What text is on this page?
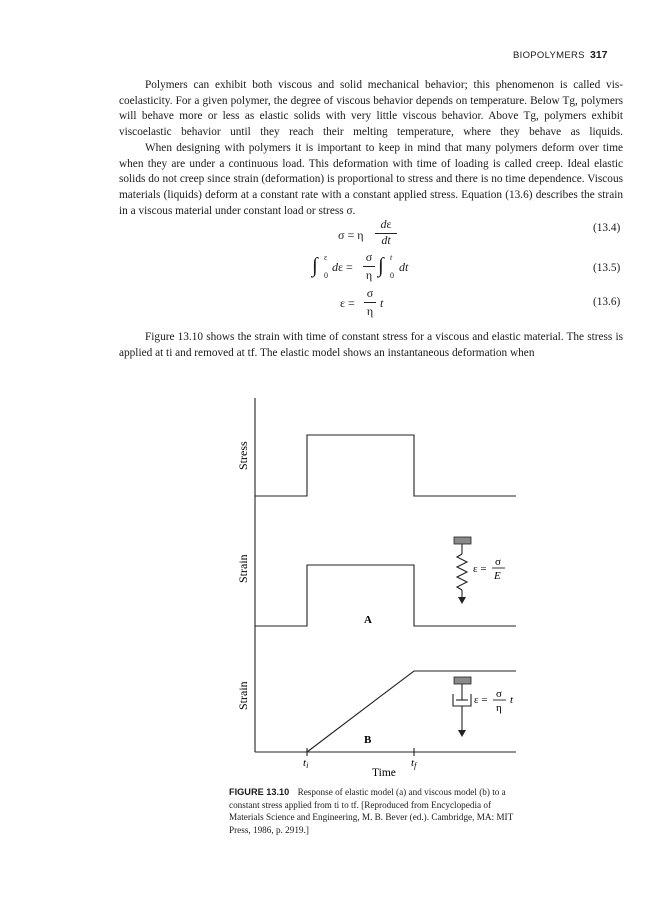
BIOPOLYMERS 317

Polymers can exhibit both viscous and solid mechanical behavior; this phenomenon is called vis-coelasticity. For a given polymer, the degree of viscous behavior depends on temperature. Below Tg, polymers will behave more or less as elastic solids with very little viscous behavior. Above Tg, polymers exhibit viscoelastic behavior until they reach their melting temperature, where they behave as liquids.

When designing with polymers it is important to keep in mind that many polymers deform over time when they are under a continuous load. This deformation with time of loading is called creep. Ideal elastic solids do not creep since strain (deformation) is proportional to stress and there is no time dependence. Viscous materials (liquids) deform at a constant rate with a constant applied stress. Equation (13.6) describes the strain in a viscous material under constant load or stress σ.

σ = η
dε
dt
(13.4)
∫ ε
0
dε =
σ
η ∫ t
0
dt	(13.5)
ε =
σ
η
t	(13.6)

Figure 13.10 shows the strain with time of constant stress for a viscous and elastic material. The stress is applied at ti and removed at tf. The elastic model shows an instantaneous deformation when

Stress
Strain
Strain
A
B
ε =
σ
E
ε = σ
η
t
ti	tf
Time
FIGURE 13.10 Response of elastic model (a) and viscous model (b) to a constant stress applied from ti to tf. [Reproduced from Encyclopedia of Materials Science and Engineering, M. B. Bever (ed.). Cambridge, MA: MIT Press, 1986, p. 2919.]
